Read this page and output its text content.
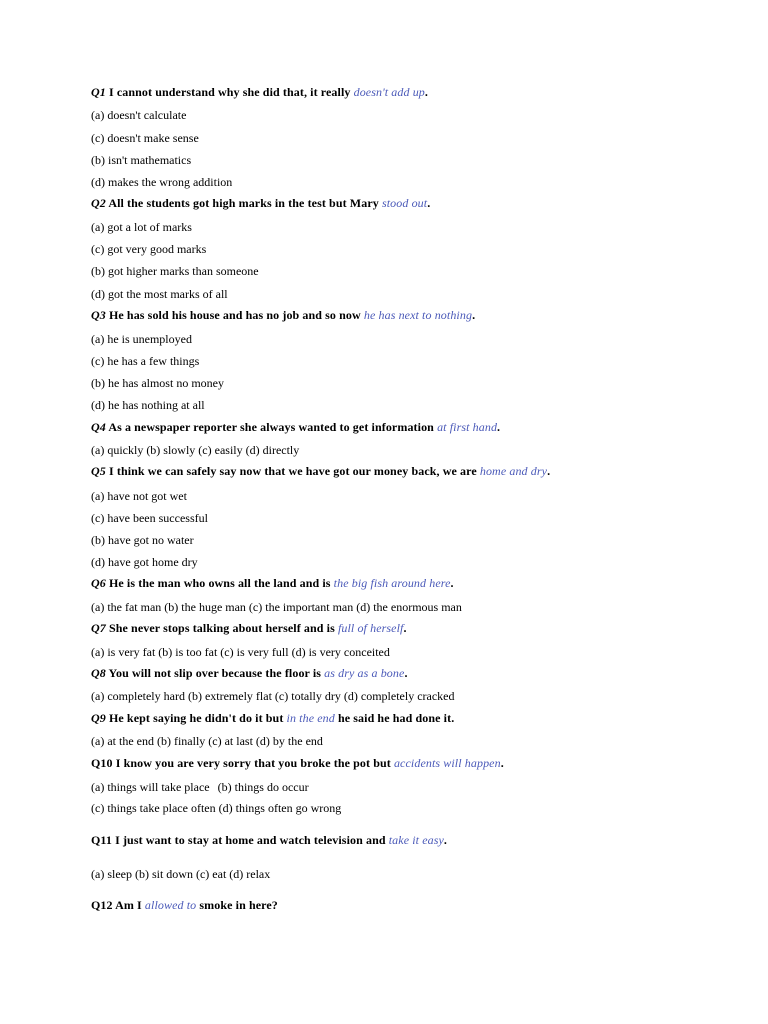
Q1 I cannot understand why she did that, it really doesn't add up.
(a) doesn't calculate
(c) doesn't make sense
(b) isn't mathematics
(d) makes the wrong addition
Q2 All the students got high marks in the test but Mary stood out.
(a) got a lot of marks
(c) got very good marks
(b) got higher marks than someone
(d) got the most marks of all
Q3 He has sold his house and has no job and so now he has next to nothing.
(a) he is unemployed
(c) he has a few things
(b) he has almost no money
(d) he has nothing at all
Q4 As a newspaper reporter she always wanted to get information at first hand.
(a) quickly (b) slowly (c) easily (d) directly
Q5 I think we can safely say now that we have got our money back, we are home and dry.
(a) have not got wet
(c) have been successful
(b) have got no water
(d) have got home dry
Q6 He is the man who owns all the land and is the big fish around here.
(a) the fat man (b) the huge man (c) the important man (d) the enormous man
Q7 She never stops talking about herself and is full of herself.
(a) is very fat (b) is too fat (c) is very full (d) is very conceited
Q8 You will not slip over because the floor is as dry as a bone.
(a) completely hard (b) extremely flat (c) totally dry (d) completely cracked
Q9 He kept saying he didn't do it but in the end he said he had done it.
(a) at the end (b) finally (c) at last (d) by the end
Q10 I know you are very sorry that you broke the pot but accidents will happen.
(a) things will take place (b) things do occur
(c) things take place often (d) things often go wrong
Q11 I just want to stay at home and watch television and take it easy.
(a) sleep (b) sit down (c) eat (d) relax
Q12 Am I allowed to smoke in here?
